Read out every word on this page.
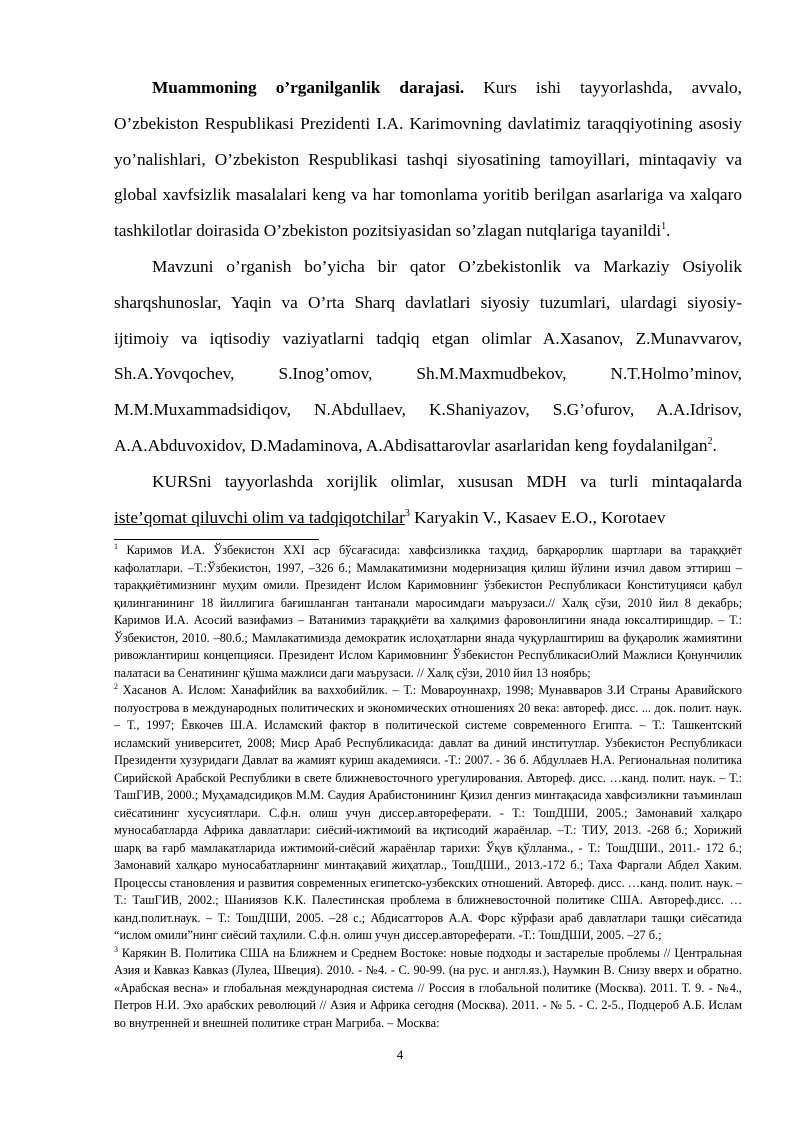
Muammoning o’rganilganlik darajasi. Kurs ishi tayyorlashda, avvalo, O’zbekiston Respublikasi Prezidenti I.A. Karimovning davlatimiz taraqqiyotining asosiy yo’nalishlari, O’zbekiston Respublikasi tashqi siyosatining tamoyillari, mintaqaviy va global xavfsizlik masalalari keng va har tomonlama yoritib berilgan asarlariga va xalqaro tashkilotlar doirasida O’zbekiston pozitsiyasidan so’zlagan nutqlariga tayanildi$^1$.

Mavzuni o’rganish bo’yicha bir qator O’zbekistonlik va Markaziy Osiyolik sharqshunoslar, Yaqin va O’rta Sharq davlatlari siyosiy tuzumlari, ulardagi siyosiy-ijtimoiy va iqtisodiy vaziyatlarni tadqiq etgan olimlar A.Xasanov, Z.Munavvarov, Sh.A.Yovqochev, S.Inog’omov, Sh.M.Maxmudbekov, N.T.Holmo’minov, M.M.Muxammadsidiqov, N.Abdullaev, K.Shaniyazov, S.G’ofurov, A.A.Idrisov, A.A.Abduvoxidov, D.Madaminova, A.Abdisattarovlar asarlaridan keng foydalanilgan$^2$.

KURSni tayyorlashda xorijlik olimlar, xususan MDH va turli mintaqalarda iste’qomat qiluvchi olim va tadqiqotchilar$^3$ Karyakin V., Kasaev E.O., Korotaev

$^1$ Каримов И.А. Ўзбекистон XXI аср бўсағасида: хавфсизликка таҳдид, барқарорлик шартлари ва тараққиёт кафолатлари. –Т.:Ўзбекистон, 1997, –326 б.; Мамлакатимизни модернизация қилиш йўлини изчил давом эттириш – тараққиётимизнинг муҳим омили. Президент Ислом Каримовнинг ўзбекистон Республикаси Конституцияси қабул қилинганининг 18 йиллигига бағишланган тантанали маросимдаги маърузаси.// Халқ сўзи, 2010 йил 8 декабрь; Каримов И.А. Асосий вазифамиз – Ватанимиз тараққиёти ва халқимиз фаровонлигини янада юксалтиришдир. – Т.: Ўзбекистон, 2010. –80.б.; Мамлакатимизда демократик ислоҳатларни янада чуқурлаштириш ва фуқаролик жамиятини ривожлантириш концепцияси. Президент Ислом Каримовнинг Ўзбекистон РеспубликасиОлий Мажлиси Қонунчилик палатаси ва Сенатининг қўшма мажлиси даги маърузаси. // Халқ сўзи, 2010 йил 13 ноябрь;

$^2$ Хасанов А. Ислом: Ханафийлик ва ваххобийлик. – Т.: Мовароуннахр, 1998; Мунавваров З.И Страны Аравийского полуострова в международных политических и экономических отношениях 20 века: автореф. дисс. ... док. полит. наук. – Т., 1997; Ёвкочев Ш.А. Исламский фактор в политической системе современного Египта. – Т.: Ташкентский исламский университет, 2008; Миср Араб Республикасида: давлат ва диний институтлар. Узбекистон Республикаси Президенти хузуридаги Давлат ва жамият куриш академияси. -Т.: 2007. - 36 б. Абдуллаев Н.А. Региональная политика Сирийской Арабской Республики в свете ближневосточного урегулирования. Автореф. дисс. …канд. полит. наук. – Т.: ТашГИВ, 2000.; Муҳамадсидиқов М.М. Саудия Арабистонининг Қизил денгиз минтақасида хавфсизликни таъминлаш сиёсатининг хусусиятлари. С.ф.н. олиш учун диссер.автореферати. - Т.: ТошДШИ, 2005.; Замонавий халқаро муносабатларда Африка давлатлари: сиёсий-ижтимоий ва иқтисодий жараёнлар. –Т.: ТИУ, 2013. -268 б.; Хорижий шарқ ва ғарб мамлакатларида ижтимоий-сиёсий жараёнлар тарихи: Ўқув қўлланма., - Т.: ТошДШИ., 2011.- 172 б.; Замонавий халқаро муносабатларнинг минтақавий жиҳатлар., ТошДШИ., 2013.-172 б.; Таха Фаргали Абдел Хаким. Процессы становления и развития современных египетско-узбекских отношений. Автореф. дисс. …канд. полит. наук. – Т.: ТашГИВ, 2002.; Шаниязов К.К. Палестинская проблема в ближневосточной политике США. Автореф.дисс. …канд.полит.наук. – Т.: ТошДШИ, 2005. –28 с.; Абдисатторов А.А. Форс кўрфази араб давлатлари ташқи сиёсатида “ислом омили”нинг сиёсий таҳлили. С.ф.н. олиш учун диссер.автореферати. -Т.: ТошДШИ, 2005. –27 б.;

$^3$ Карякин В. Политика США на Ближнем и Среднем Востоке: новые подходы и застарелые проблемы // Центральная Азия и Кавказ Кавказ (Лулеа, Швеция). 2010. - №4. - С. 90-99. (на рус. и англ.яз.), Наумкин В. Снизу вверх и обратно. «Арабская весна» и глобальная международная система // Россия в глобальной политике (Москва). 2011. Т. 9. - №4., Петров Н.И. Эхо арабских революций // Азия и Африка сегодня (Москва). 2011. - № 5. - С. 2-5., Подцероб А.Б. Ислам во внутренней и внешней политике стран Магриба. – Москва:

4
